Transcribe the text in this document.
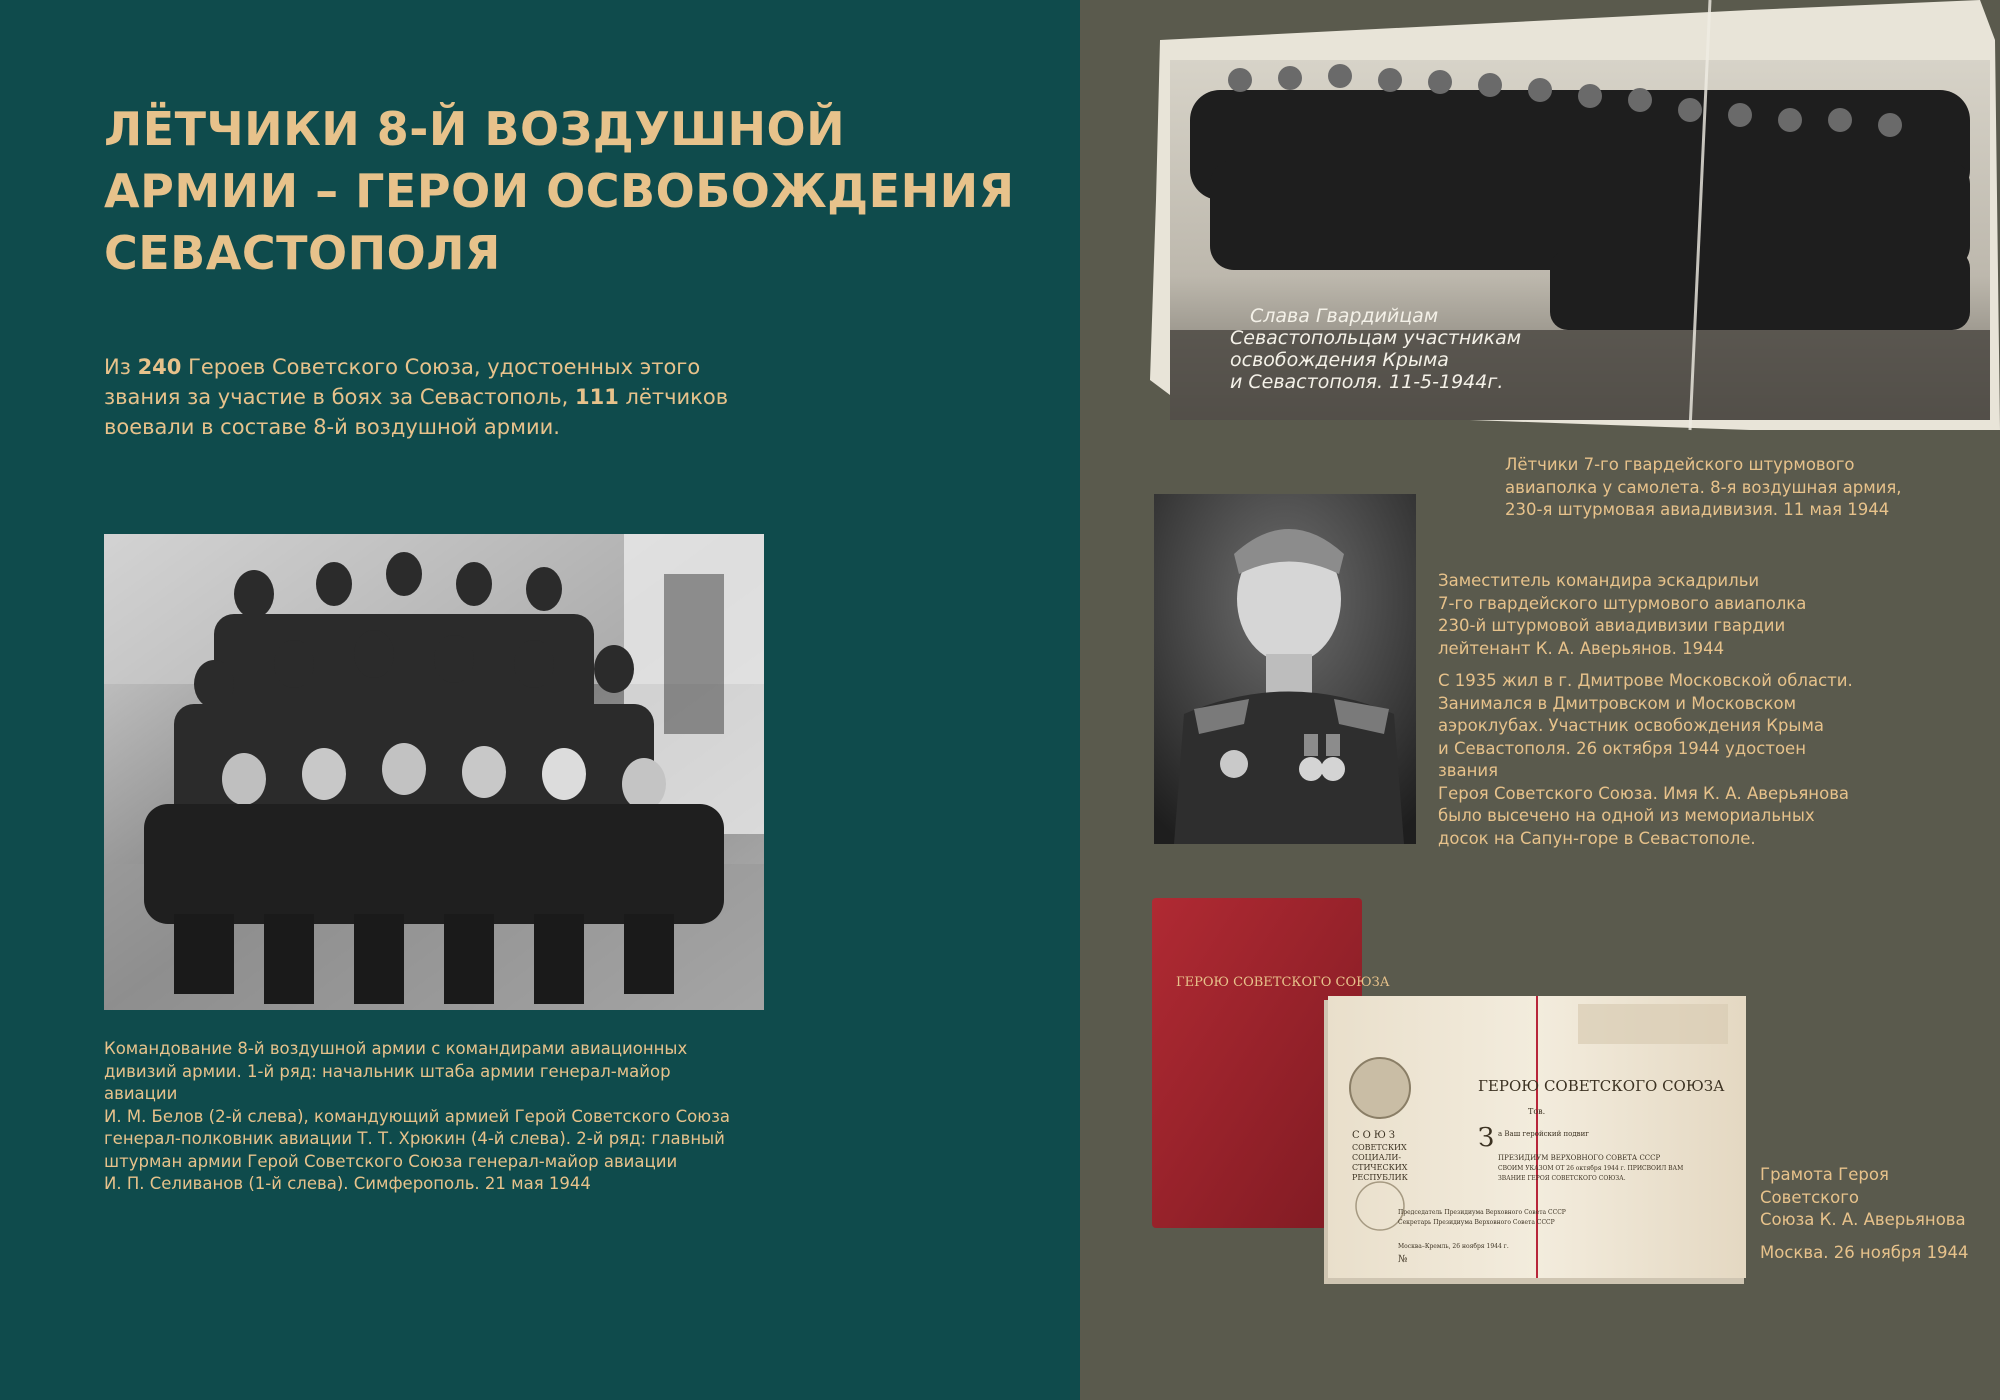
ЛЁТЧИКИ 8-Й ВОЗДУШНОЙ
АРМИИ – ГЕРОИ ОСВОБОЖДЕНИЯ
СЕВАСТОПОЛЯ
Из 240 Героев Советского Союза, удостоенных этого звания за участие в боях за Севастополь, 111 лётчиков воевали в составе 8-й воздушной армии.

Командование 8-й воздушной армии с командирами авиационных

дивизий армии. 1-й ряд: начальник штаба армии генерал-майор авиации

И. М. Белов (2-й слева), командующий армией Герой Советского Союза

генерал-полковник авиации Т. Т. Хрюкин (4-й слева). 2-й ряд: главный

штурман армии Герой Советского Союза генерал-майор авиации

И. П. Селиванов (1-й слева). Симферополь. 21 мая 1944

Слава Гвардийцам
Севастопольцам участникам
освобождения Крыма
и Севастополя. 11-5-1944г.

Лётчики 7-го гвардейского штурмового

авиаполка у самолета. 8-я воздушная армия,

230-я штурмовая авиадивизия. 11 мая 1944

Заместитель командира эскадрильи
7-го гвардейского штурмового авиаполка
230-й штурмовой авиадивизии гвардии
лейтенант К. А. Аверьянов. 1944

С 1935 жил в г. Дмитрове Московской области.
Занимался в Дмитровском и Московском
аэроклубах. Участник освобождения Крыма
и Севастополя. 26 октября 1944 удостоен звания
Героя Советского Союза. Имя К. А. Аверьянова
было высечено на одной из мемориальных
досок на Сапун-горе в Севастополе.

ГЕРОЮ СОВЕТСКОГО СОЮЗА
СОЮЗ
СОВЕТСКИХ
СОЦИАЛИ-
СТИЧЕСКИХ
РЕСПУБЛИК
ГЕРОЮ СОВЕТСКОГО СОЮЗА
Тов.
З а Ваш геройский подвиг
ПРЕЗИДИУМ ВЕРХОВНОГО СОВЕТА СССР
СВОИМ УКАЗОМ ОТ 26 октября 1944 г. ПРИСВОИЛ ВАМ
ЗВАНИЕ ГЕРОЯ СОВЕТСКОГО СОЮЗА.
Председатель Президиума Верховного Совета СССР
Секретарь Президиума Верховного Совета СССР
Москва–Кремль, 26 ноября 1944 г.
№

Грамота Героя Советского
Союза К. А. Аверьянова

Москва. 26 ноября 1944
